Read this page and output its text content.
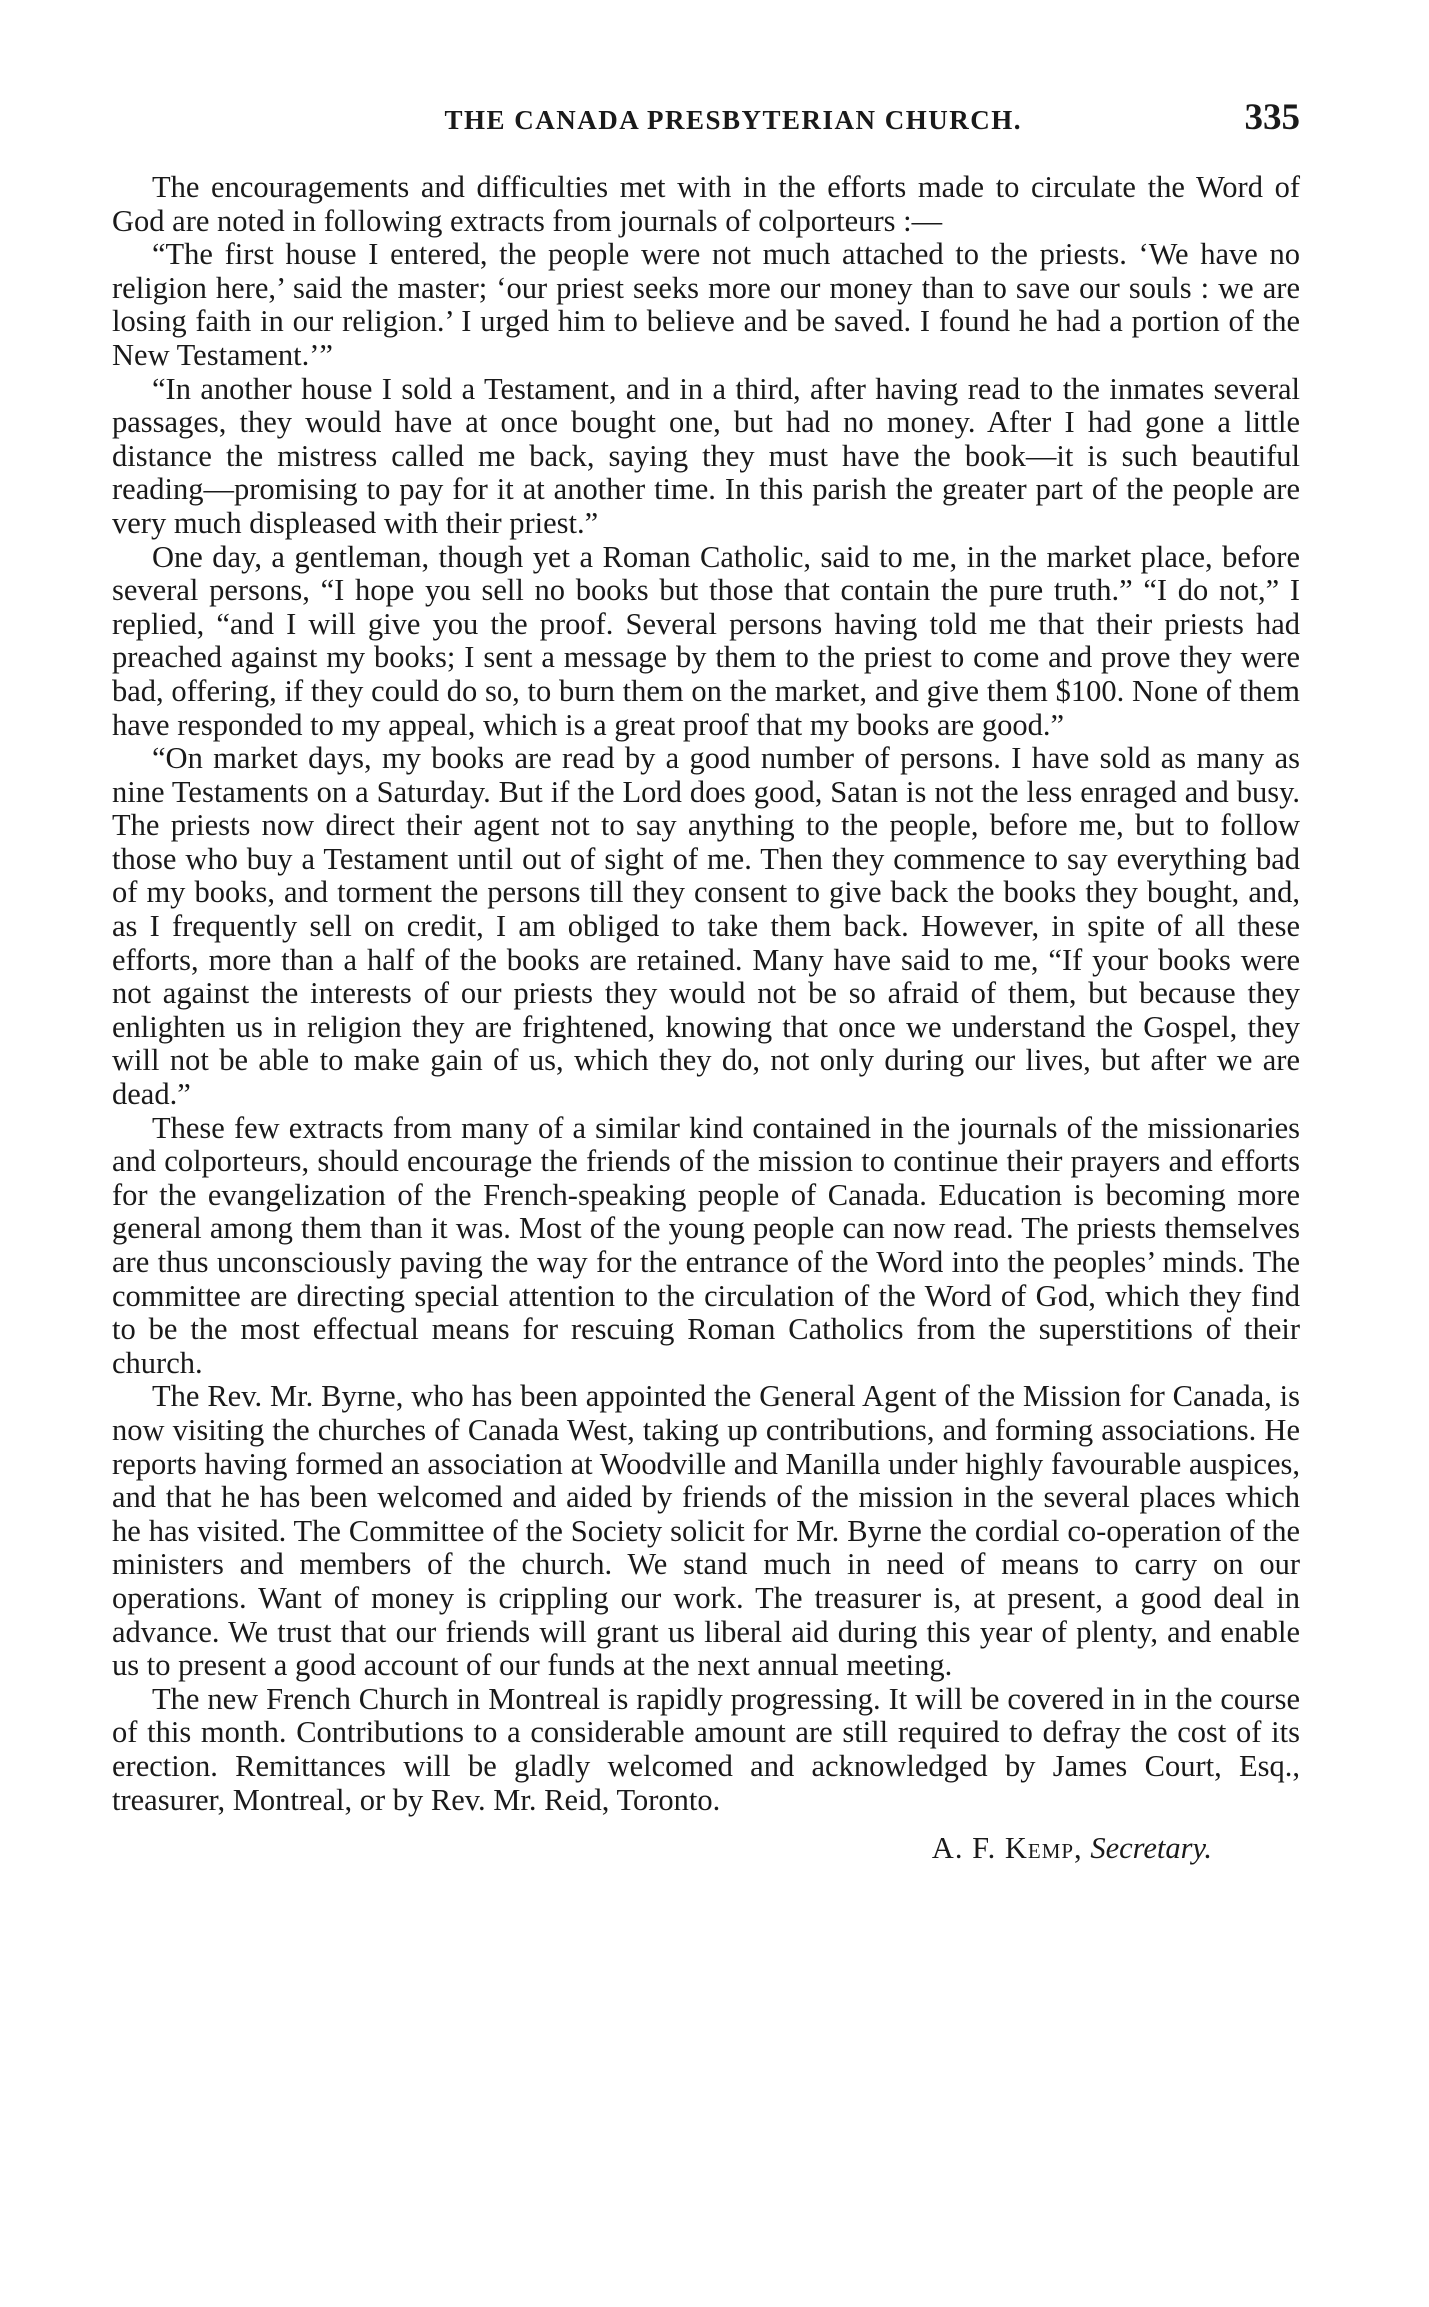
THE CANADA PRESBYTERIAN CHURCH.	335

The encouragements and difficulties met with in the efforts made to circulate the Word of God are noted in following extracts from journals of colporteurs :—

“The first house I entered, the people were not much attached to the priests. ‘We have no religion here,’ said the master; ‘our priest seeks more our money than to save our souls : we are losing faith in our religion.’ I urged him to believe and be saved. I found he had a portion of the New Testament.’”

“In another house I sold a Testament, and in a third, after having read to the inmates several passages, they would have at once bought one, but had no money. After I had gone a little distance the mistress called me back, saying they must have the book—it is such beautiful reading—promising to pay for it at another time. In this parish the greater part of the people are very much displeased with their priest.”

One day, a gentleman, though yet a Roman Catholic, said to me, in the market place, before several persons, “I hope you sell no books but those that contain the pure truth.” “I do not,” I replied, “and I will give you the proof. Several persons having told me that their priests had preached against my books; I sent a message by them to the priest to come and prove they were bad, offering, if they could do so, to burn them on the market, and give them $100. None of them have responded to my appeal, which is a great proof that my books are good.”

“On market days, my books are read by a good number of persons. I have sold as many as nine Testaments on a Saturday. But if the Lord does good, Satan is not the less enraged and busy. The priests now direct their agent not to say anything to the people, before me, but to follow those who buy a Testament until out of sight of me. Then they commence to say everything bad of my books, and torment the persons till they consent to give back the books they bought, and, as I frequently sell on credit, I am obliged to take them back. However, in spite of all these efforts, more than a half of the books are retained. Many have said to me, “If your books were not against the interests of our priests they would not be so afraid of them, but because they enlighten us in religion they are frightened, knowing that once we understand the Gospel, they will not be able to make gain of us, which they do, not only during our lives, but after we are dead.”

These few extracts from many of a similar kind contained in the journals of the missionaries and colporteurs, should encourage the friends of the mission to continue their prayers and efforts for the evangelization of the French-speaking people of Canada. Education is becoming more general among them than it was. Most of the young people can now read. The priests themselves are thus unconsciously paving the way for the entrance of the Word into the peoples’ minds. The committee are directing special attention to the circulation of the Word of God, which they find to be the most effectual means for rescuing Roman Catholics from the superstitions of their church.

The Rev. Mr. Byrne, who has been appointed the General Agent of the Mission for Canada, is now visiting the churches of Canada West, taking up contributions, and forming associations. He reports having formed an association at Woodville and Manilla under highly favourable auspices, and that he has been welcomed and aided by friends of the mission in the several places which he has visited. The Committee of the Society solicit for Mr. Byrne the cordial co-operation of the ministers and members of the church. We stand much in need of means to carry on our operations. Want of money is crippling our work. The treasurer is, at present, a good deal in advance. We trust that our friends will grant us liberal aid during this year of plenty, and enable us to present a good account of our funds at the next annual meeting.

The new French Church in Montreal is rapidly progressing. It will be covered in in the course of this month. Contributions to a considerable amount are still required to defray the cost of its erection. Remittances will be gladly welcomed and acknowledged by James Court, Esq., treasurer, Montreal, or by Rev. Mr. Reid, Toronto.

A. F. Kemp, Secretary.
